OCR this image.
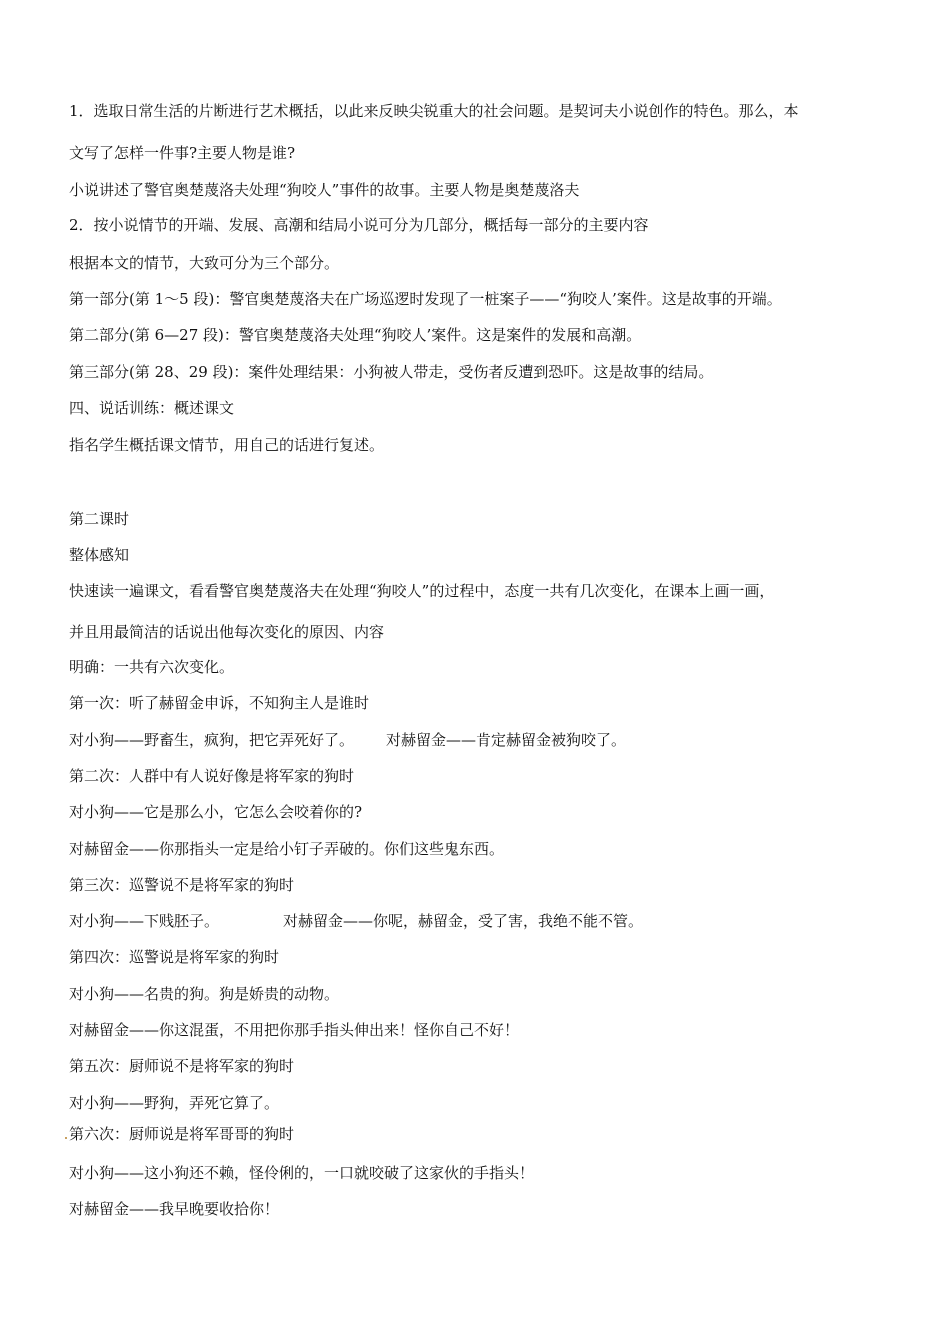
1．选取日常生活的片断进行艺术概括，以此来反映尖锐重大的社会问题。是契诃夫小说创作的特色。那么，本
文写了怎样一件事?主要人物是谁?
小说讲述了警官奥楚蔑洛夫处理“狗咬人”事件的故事。主要人物是奥楚蔑洛夫
2．按小说情节的开端、发展、高潮和结局小说可分为几部分，概括每一部分的主要内容
根据本文的情节，大致可分为三个部分。
第一部分(第 1～5 段)：警官奥楚蔑洛夫在广场巡逻时发现了一桩案子——“狗咬人’案件。这是故事的开端。
第二部分(第 6—27 段)：警官奥楚蔑洛夫处理“狗咬人’案件。这是案件的发展和高潮。
第三部分(第 28、29 段)：案件处理结果：小狗被人带走，受伤者反遭到恐吓。这是故事的结局。
四、说话训练：概述课文
指名学生概括课文情节，用自己的话进行复述。
第二课时
整体感知
快速读一遍课文，看看警官奥楚蔑洛夫在处理“狗咬人”的过程中，态度一共有几次变化，在课本上画一画，
并且用最简洁的话说出他每次变化的原因、内容
明确：一共有六次变化。
第一次：听了赫留金申诉，不知狗主人是谁时
对小狗——野畜生，疯狗，把它弄死好了。 对赫留金——肯定赫留金被狗咬了。
第二次：人群中有人说好像是将军家的狗时
对小狗——它是那么小，它怎么会咬着你的?
对赫留金——你那指头一定是给小钉子弄破的。你们这些鬼东西。
第三次：巡警说不是将军家的狗时
对小狗——下贱胚子。	对赫留金——你呢，赫留金，受了害，我绝不能不管。
第四次：巡警说是将军家的狗时
对小狗——名贵的狗。狗是娇贵的动物。
对赫留金——你这混蛋，不用把你那手指头伸出来！怪你自己不好！
第五次：厨师说不是将军家的狗时
对小狗——野狗，弄死它算了。
第六次：厨师说是将军哥哥的狗时
对小狗——这小狗还不赖，怪伶俐的，一口就咬破了这家伙的手指头！
对赫留金——我早晚要收拾你！
